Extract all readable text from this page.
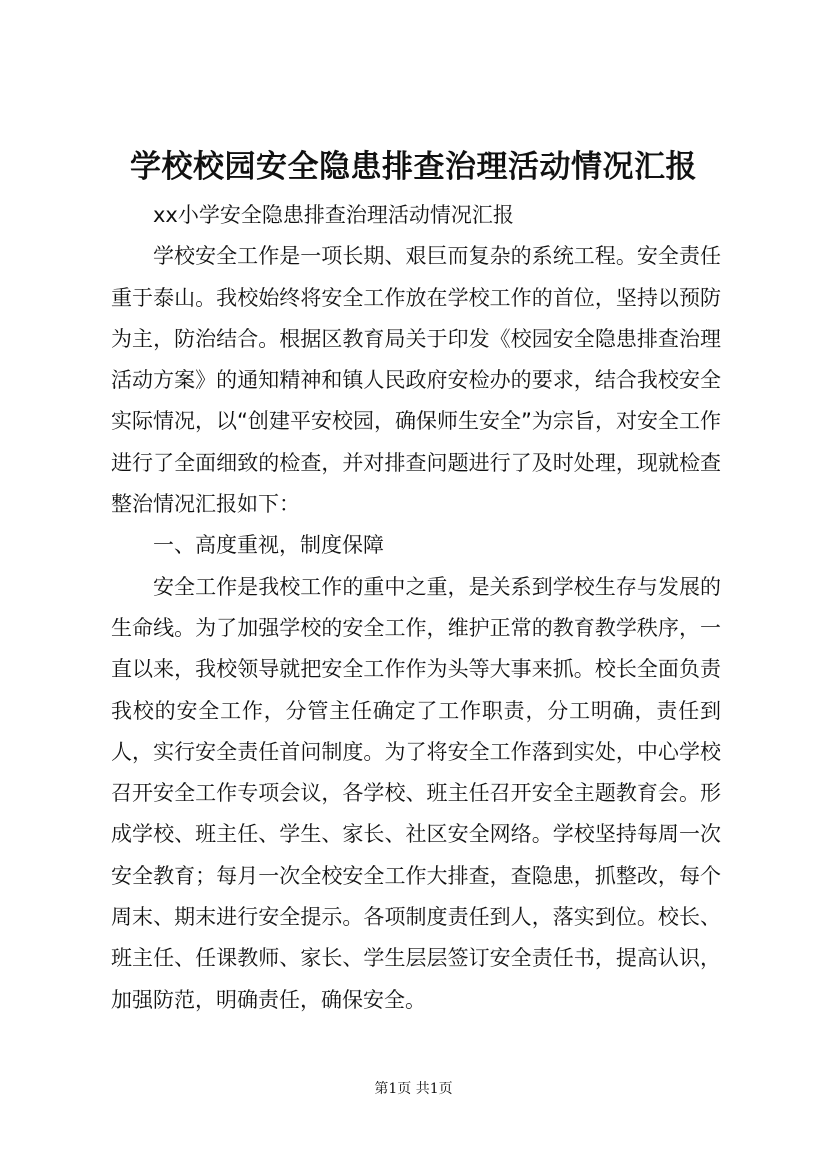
学校校园安全隐患排查治理活动情况汇报

xx小学安全隐患排查治理活动情况汇报

学校安全工作是一项长期、艰巨而复杂的系统工程。安全责任重于泰山。我校始终将安全工作放在学校工作的首位，坚持以预防为主，防治结合。根据区教育局关于印发《校园安全隐患排查治理活动方案》的通知精神和镇人民政府安检办的要求，结合我校安全实际情况，以“创建平安校园，确保师生安全”为宗旨，对安全工作进行了全面细致的检查，并对排查问题进行了及时处理，现就检查整治情况汇报如下：

一、高度重视，制度保障

安全工作是我校工作的重中之重，是关系到学校生存与发展的生命线。为了加强学校的安全工作，维护正常的教育教学秩序，一直以来，我校领导就把安全工作作为头等大事来抓。校长全面负责我校的安全工作，分管主任确定了工作职责，分工明确，责任到人，实行安全责任首问制度。为了将安全工作落到实处，中心学校召开安全工作专项会议，各学校、班主任召开安全主题教育会。形成学校、班主任、学生、家长、社区安全网络。学校坚持每周一次安全教育；每月一次全校安全工作大排查，查隐患，抓整改，每个周末、期末进行安全提示。各项制度责任到人，落实到位。校长、班主任、任课教师、家长、学生层层签订安全责任书，提高认识，加强防范，明确责任，确保安全。

第1页 共1页
